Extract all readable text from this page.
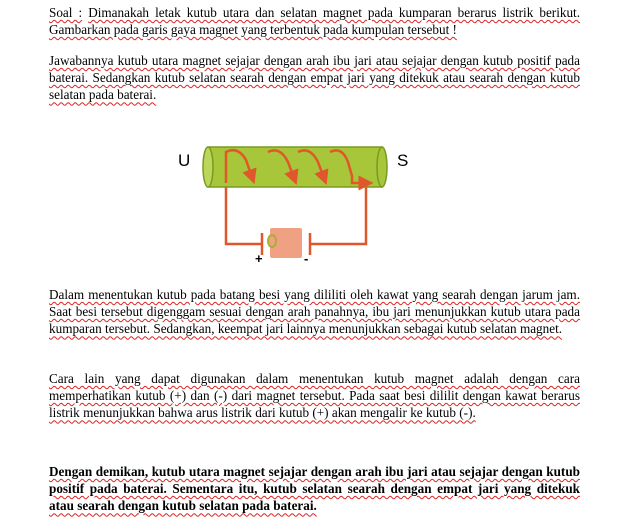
Soal : Dimanakah letak kutub utara dan selatan magnet pada kumparan berarus listrik berikut. Gambarkan pada garis gaya magnet yang terbentuk pada kumpulan tersebut !
Jawabannya kutub utara magnet sejajar dengan arah ibu jari atau sejajar dengan kutub positif pada baterai. Sedangkan kutub selatan searah dengan empat jari yang ditekuk atau searah dengan kutub selatan pada baterai.
U	S
+	-
Dalam menentukan kutub pada batang besi yang dililiti oleh kawat yang searah dengan jarum jam. Saat besi tersebut digenggam sesuai dengan arah panahnya, ibu jari menunjukkan kutub utara pada kumparan tersebut. Sedangkan, keempat jari lainnya menunjukkan sebagai kutub selatan magnet.
Cara lain yang dapat digunakan dalam menentukan kutub magnet adalah dengan cara memperhatikan kutub (+) dan (-) dari magnet tersebut. Pada saat besi dililit dengan kawat berarus listrik menunjukkan bahwa arus listrik dari kutub (+) akan mengalir ke kutub (-).
Dengan demikan, kutub utara magnet sejajar dengan arah ibu jari atau sejajar dengan kutub positif pada baterai. Sementara itu, kutub selatan searah dengan empat jari yang ditekuk atau searah dengan kutub selatan pada baterai.
